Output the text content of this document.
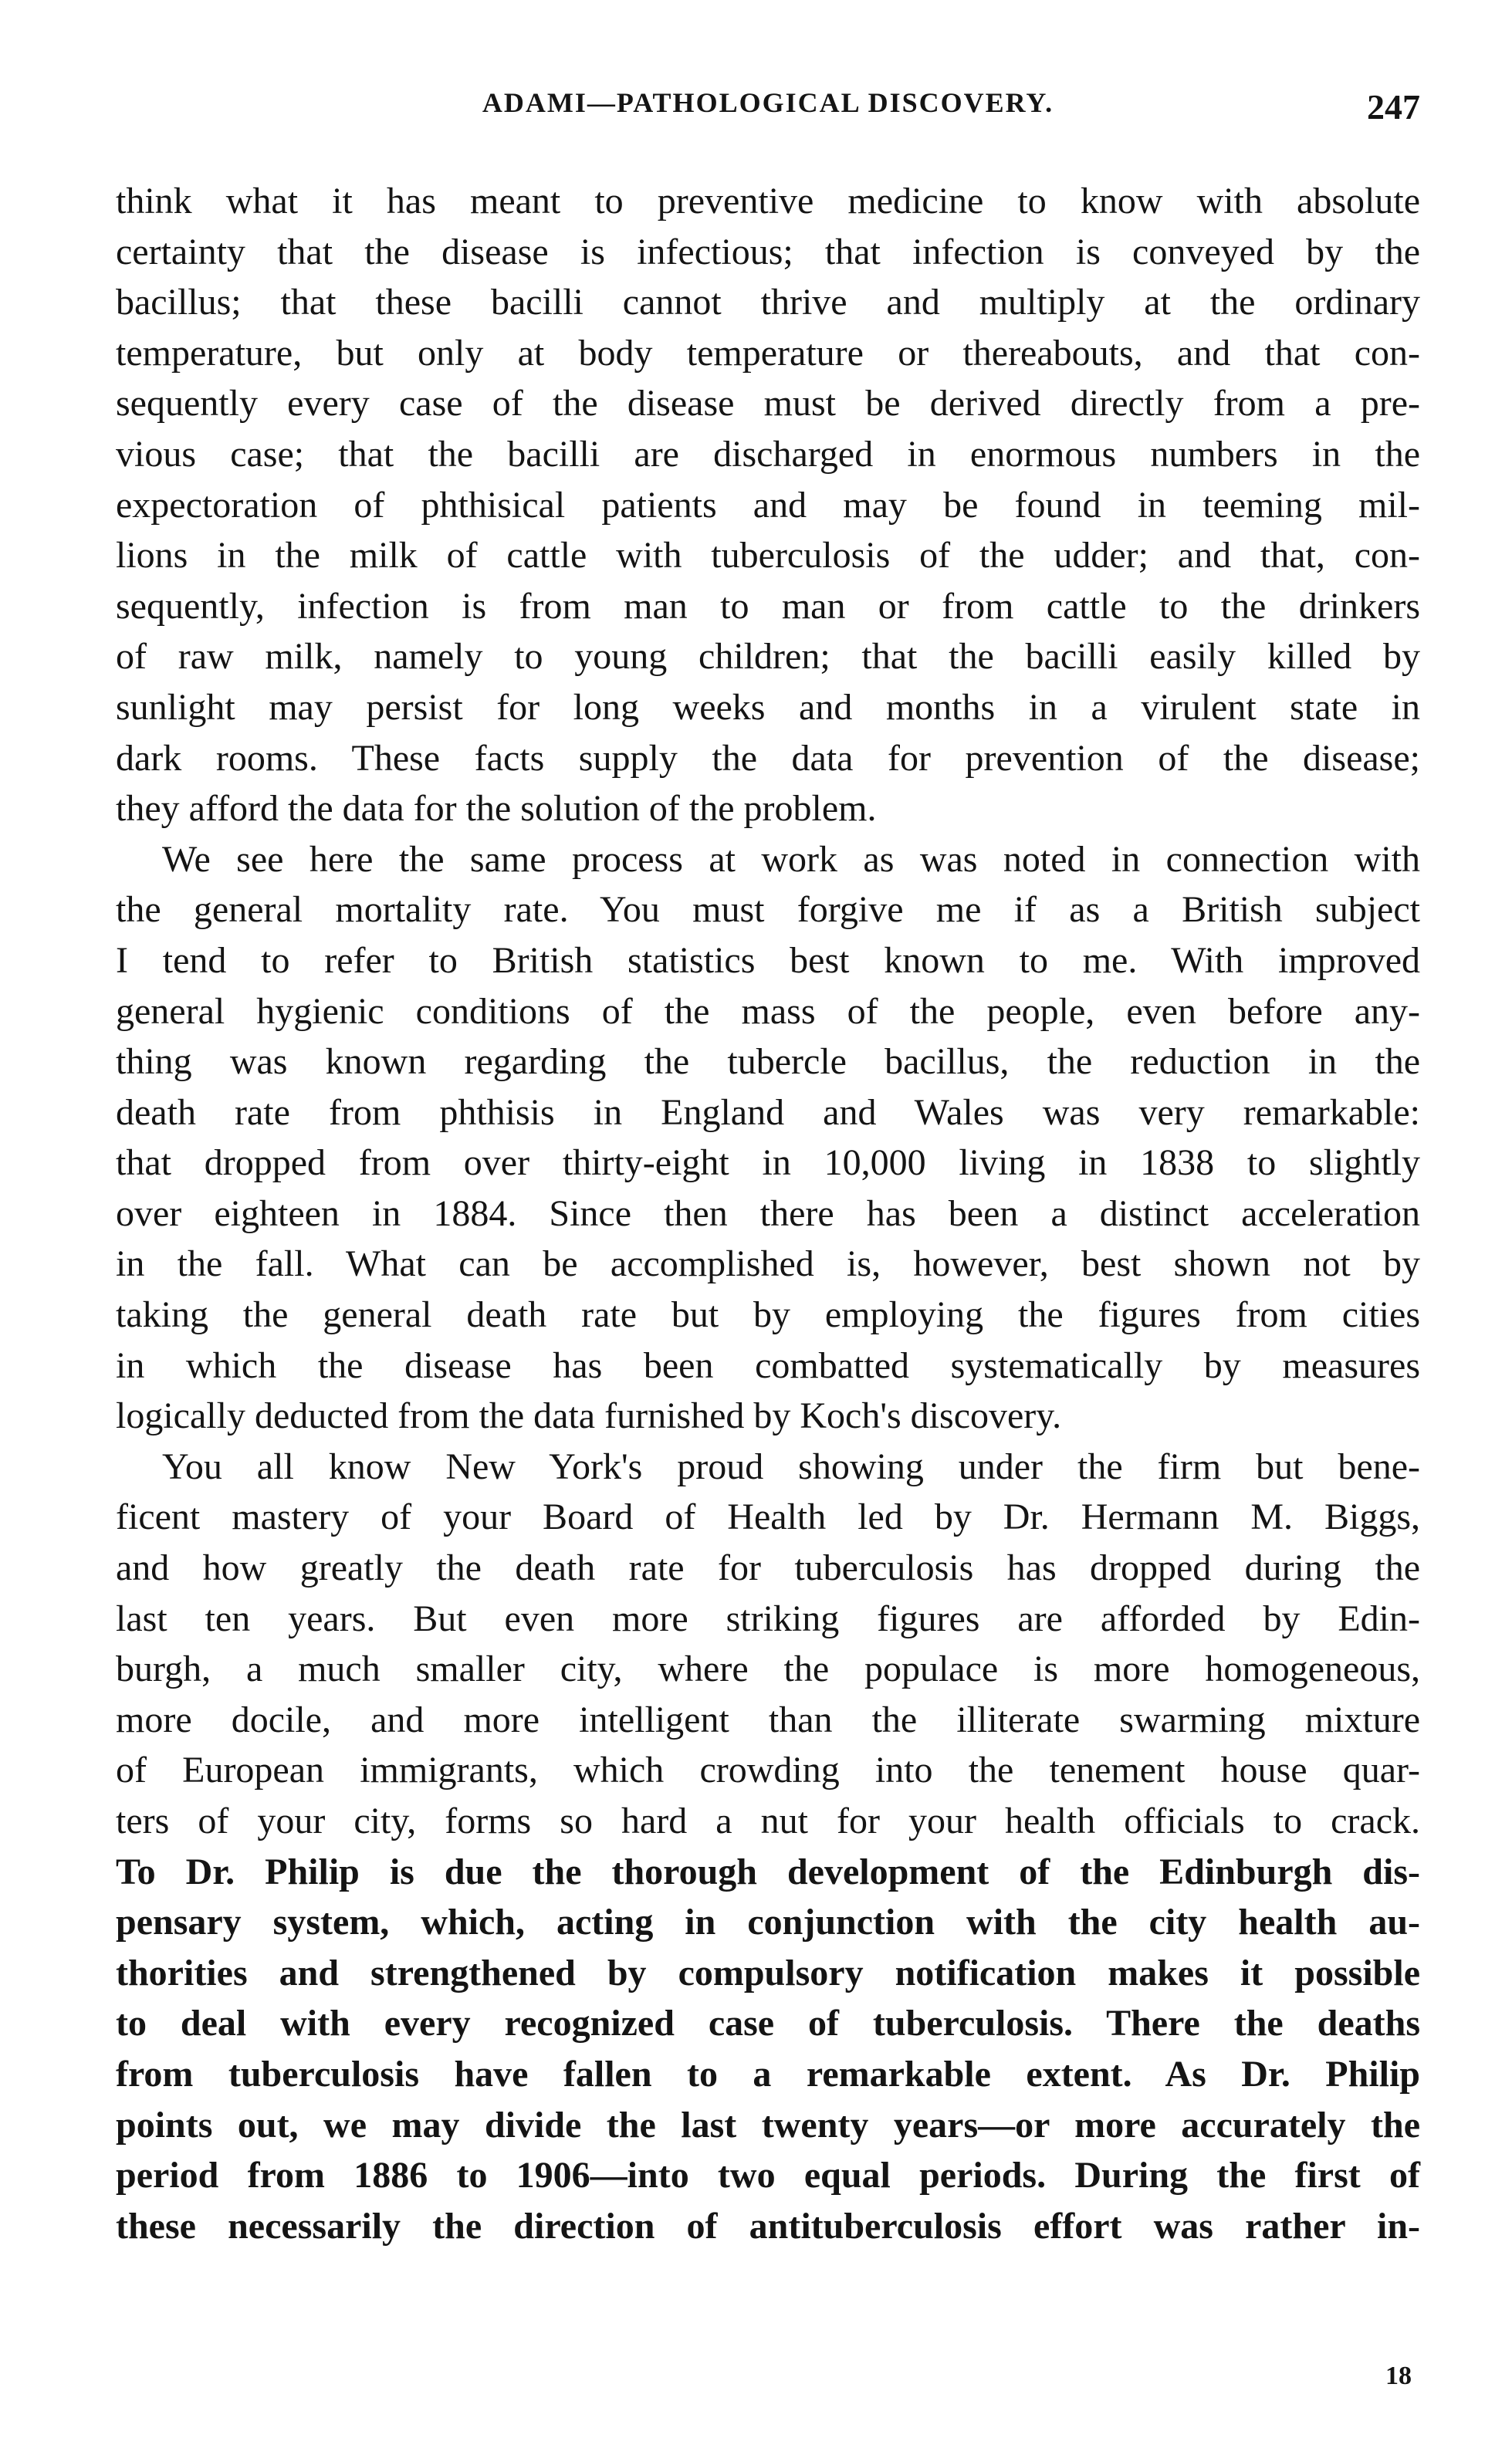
ADAMI—PATHOLOGICAL DISCOVERY.	247
think what it has meant to preventive medicine to know with absolute
certainty that the disease is infectious; that infection is conveyed by the
bacillus; that these bacilli cannot thrive and multiply at the ordinary
temperature, but only at body temperature or thereabouts, and that con-
sequently every case of the disease must be derived directly from a pre-
vious case; that the bacilli are discharged in enormous numbers in the
expectoration of phthisical patients and may be found in teeming mil-
lions in the milk of cattle with tuberculosis of the udder; and that, con-
sequently, infection is from man to man or from cattle to the drinkers
of raw milk, namely to young children; that the bacilli easily killed by
sunlight may persist for long weeks and months in a virulent state in
dark rooms. These facts supply the data for prevention of the disease;
they afford the data for the solution of the problem.
We see here the same process at work as was noted in connection with
the general mortality rate. You must forgive me if as a British subject
I tend to refer to British statistics best known to me. With improved
general hygienic conditions of the mass of the people, even before any-
thing was known regarding the tubercle bacillus, the reduction in the
death rate from phthisis in England and Wales was very remarkable:
that dropped from over thirty-eight in 10,000 living in 1838 to slightly
over eighteen in 1884. Since then there has been a distinct acceleration
in the fall. What can be accomplished is, however, best shown not by
taking the general death rate but by employing the figures from cities
in which the disease has been combatted systematically by measures
logically deducted from the data furnished by Koch's discovery.
You all know New York's proud showing under the firm but bene-
ficent mastery of your Board of Health led by Dr. Hermann M. Biggs,
and how greatly the death rate for tuberculosis has dropped during the
last ten years. But even more striking figures are afforded by Edin-
burgh, a much smaller city, where the populace is more homogeneous,
more docile, and more intelligent than the illiterate swarming mixture
of European immigrants, which crowding into the tenement house quar-
ters of your city, forms so hard a nut for your health officials to crack.
To Dr. Philip is due the thorough development of the Edinburgh dis-
pensary system, which, acting in conjunction with the city health au-
thorities and strengthened by compulsory notification makes it possible
to deal with every recognized case of tuberculosis. There the deaths
from tuberculosis have fallen to a remarkable extent. As Dr. Philip
points out, we may divide the last twenty years—or more accurately the
period from 1886 to 1906—into two equal periods. During the first of
these necessarily the direction of antituberculosis effort was rather in-
18
